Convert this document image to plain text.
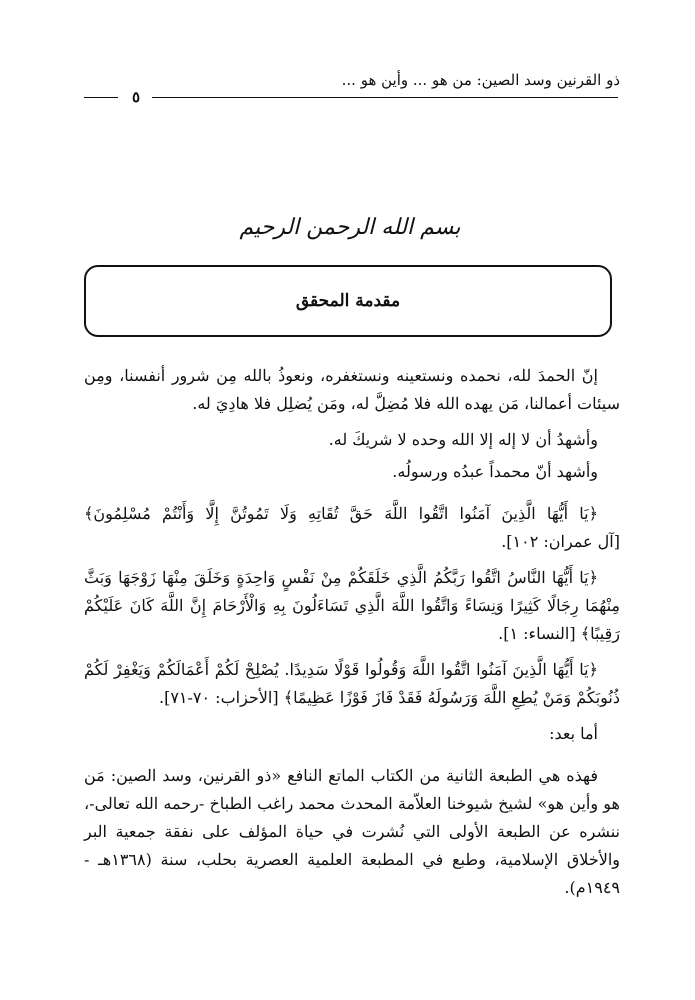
ذو القرنين وسد الصين: من هو ... وأين هو ...
٥
بسم الله الرحمن الرحيم
مقدمة المحقق

إنّ الحمدَ لله، نحمده ونستعينه ونستغفره، ونعوذُ بالله مِن شرور أنفسنا، ومِن سيئات أعمالنا، مَن يهده الله فلا مُضِلَّ له، ومَن يُضلِل فلا هادِيَ له.

وأشهدُ أن لا إله إلا الله وحده لا شريكَ له.

وأشهد أنّ محمداً عبدُه ورسولُه.

﴿يَا أَيُّهَا الَّذِينَ آمَنُوا اتَّقُوا اللَّهَ حَقَّ تُقَاتِهِ وَلَا تَمُوتُنَّ إِلَّا وَأَنْتُمْ مُسْلِمُونَ﴾ [آل عمران: ١٠٢].

﴿يَا أَيُّهَا النَّاسُ اتَّقُوا رَبَّكُمُ الَّذِي خَلَقَكُمْ مِنْ نَفْسٍ وَاحِدَةٍ وَخَلَقَ مِنْهَا زَوْجَهَا وَبَثَّ مِنْهُمَا رِجَالًا كَثِيرًا وَنِسَاءً وَاتَّقُوا اللَّهَ الَّذِي تَسَاءَلُونَ بِهِ وَالْأَرْحَامَ إِنَّ اللَّهَ كَانَ عَلَيْكُمْ رَقِيبًا﴾ [النساء: ١].

﴿يَا أَيُّهَا الَّذِينَ آمَنُوا اتَّقُوا اللَّهَ وَقُولُوا قَوْلًا سَدِيدًا. يُصْلِحْ لَكُمْ أَعْمَالَكُمْ وَيَغْفِرْ لَكُمْ ذُنُوبَكُمْ وَمَنْ يُطِعِ اللَّهَ وَرَسُولَهُ فَقَدْ فَازَ فَوْزًا عَظِيمًا﴾ [الأحزاب: ٧٠-٧١].

أما بعد:

فهذه هي الطبعة الثانية من الكتاب الماتع النافع «ذو القرنين، وسد الصين: مَن هو وأين هو» لشيخ شيوخنا العلاّمة المحدث محمد راغب الطباخ -رحمه الله تعالى-، ننشره عن الطبعة الأولى التي نُشرت في حياة المؤلف على نفقة جمعية البر والأخلاق الإسلامية، وطبع في المطبعة العلمية العصرية بحلب، سنة (١٣٦٨هـ - ١٩٤٩م).
